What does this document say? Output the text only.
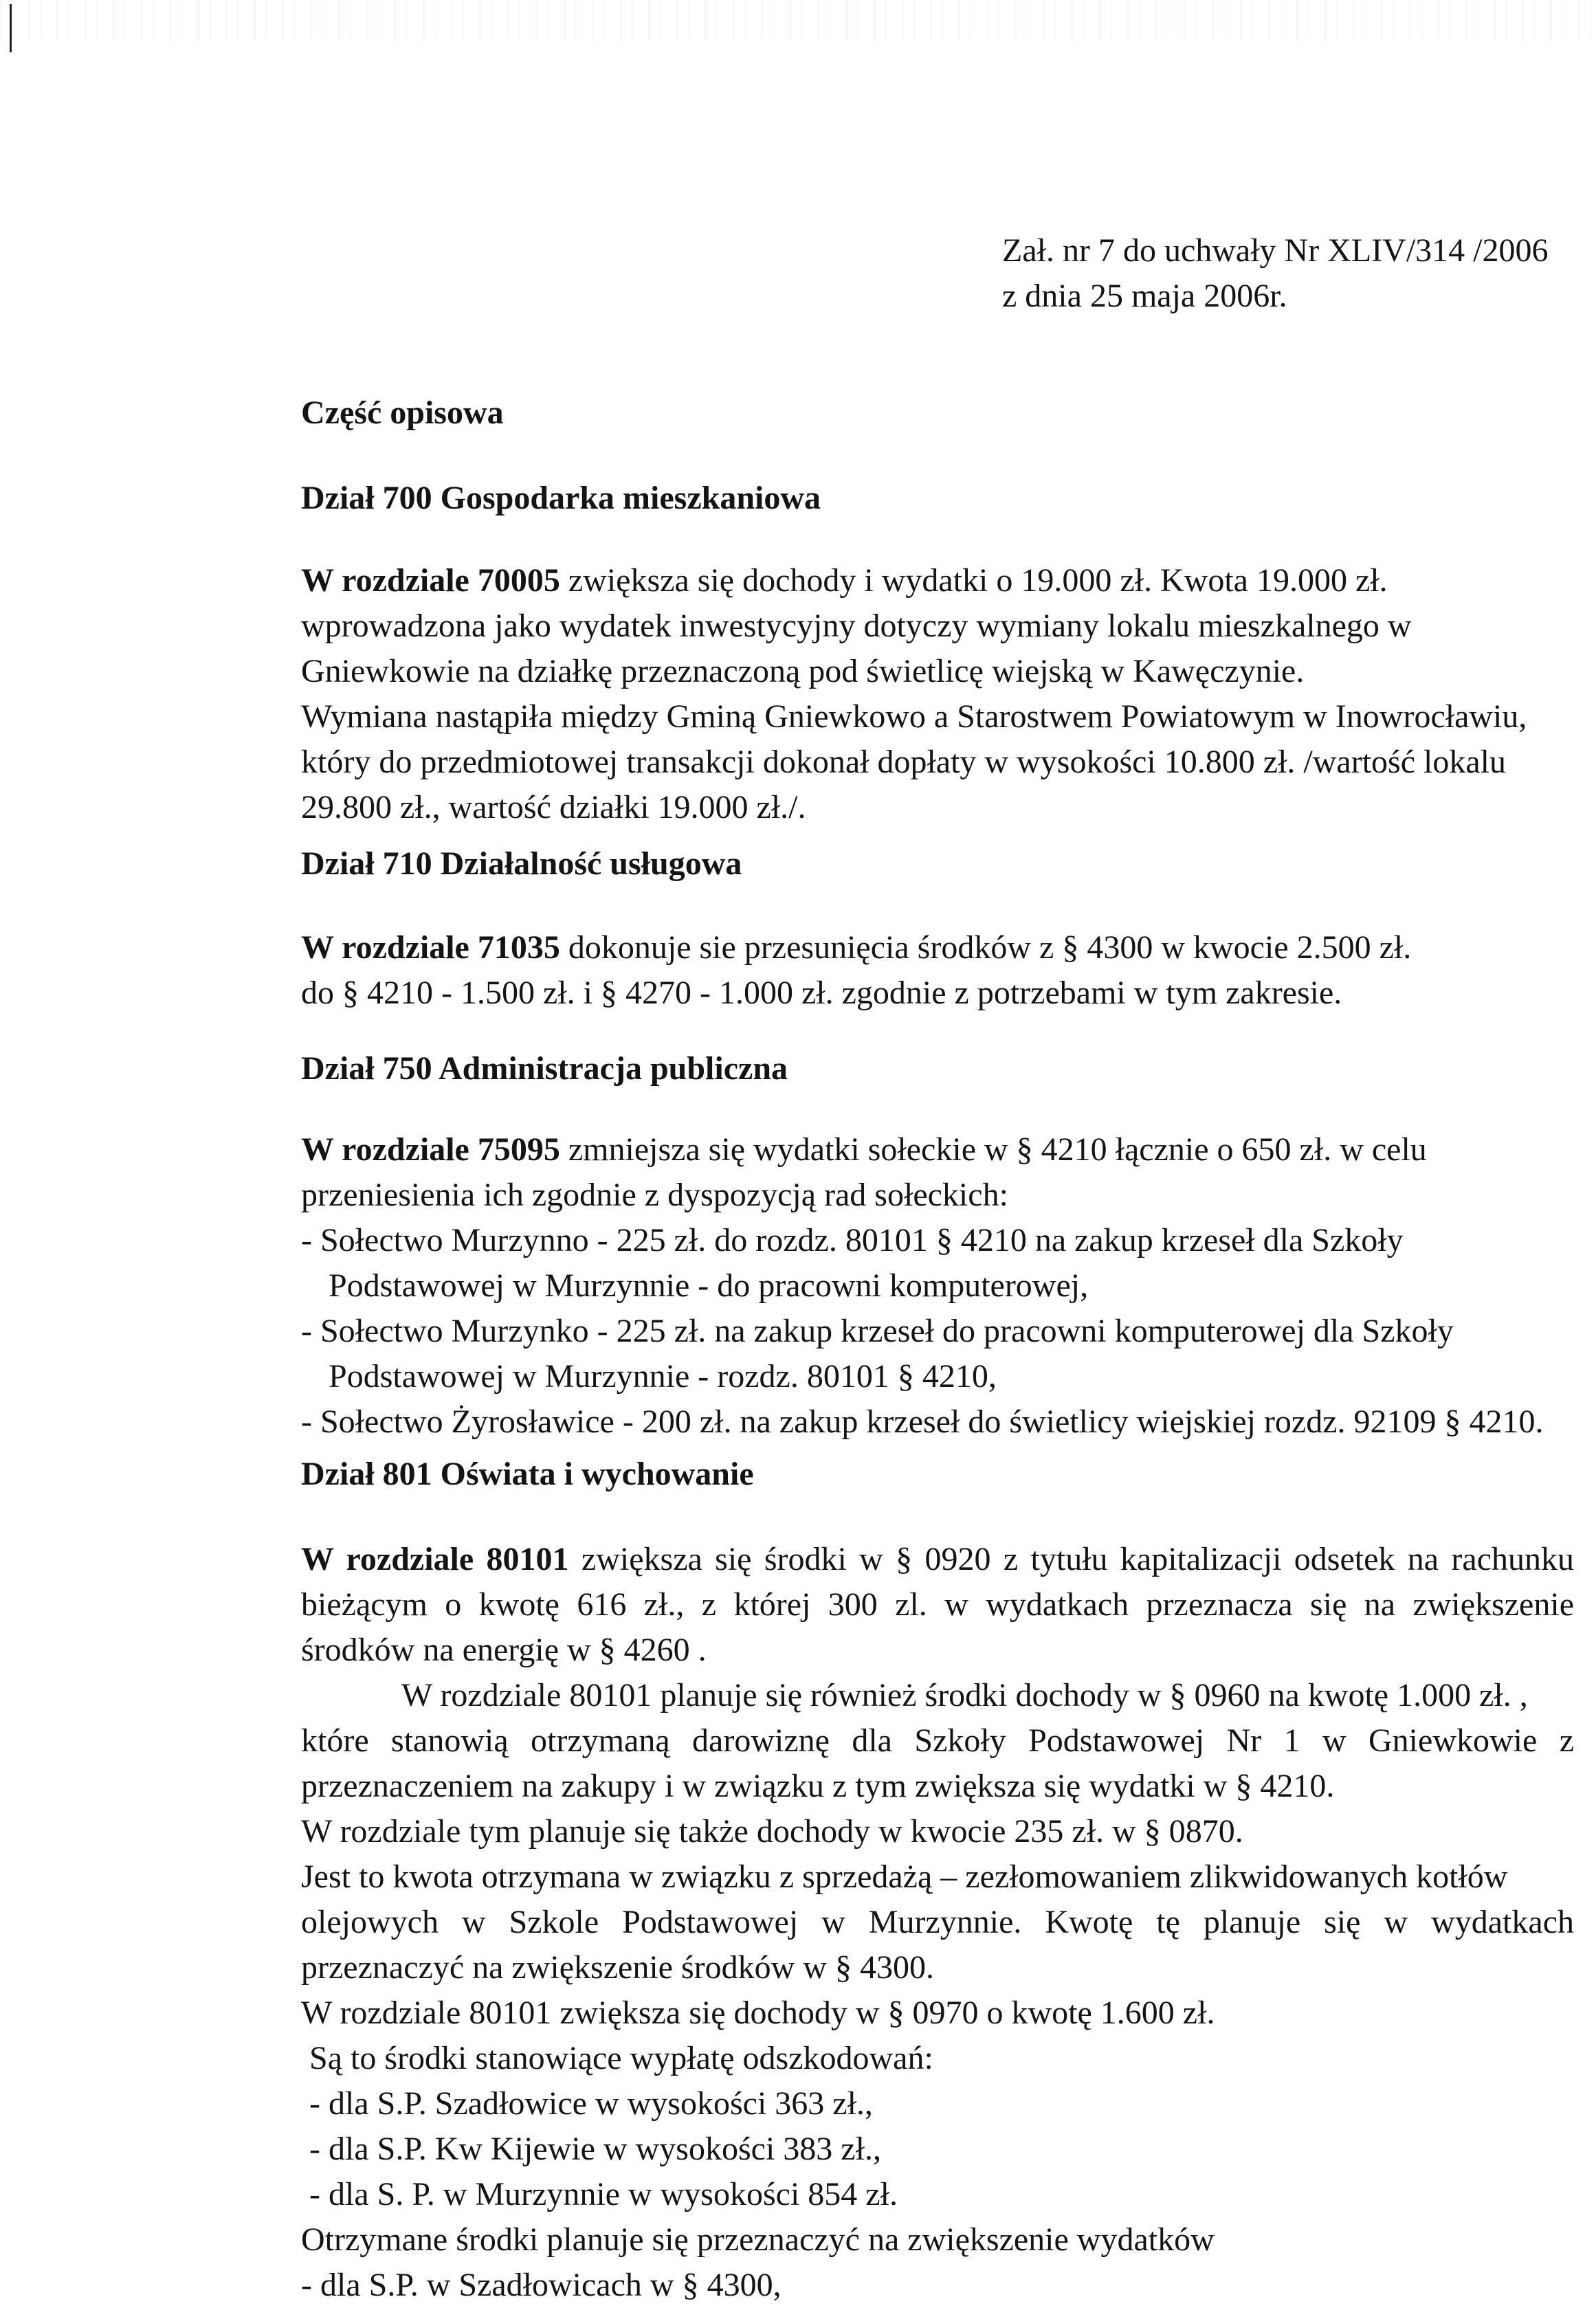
Zał. nr 7 do uchwały Nr XLIV/314 /2006
z dnia 25 maja 2006r.
Część opisowa
Dział 700 Gospodarka mieszkaniowa
W rozdziale 70005 zwiększa się dochody i wydatki o 19.000 zł. Kwota 19.000 zł.
wprowadzona jako wydatek inwestycyjny dotyczy wymiany lokalu mieszkalnego w
Gniewkowie na działkę przeznaczoną pod świetlicę wiejską w Kawęczynie.
Wymiana nastąpiła między Gminą Gniewkowo a Starostwem Powiatowym w Inowrocławiu,
który do przedmiotowej transakcji dokonał dopłaty w wysokości 10.800 zł. /wartość lokalu
29.800 zł., wartość działki 19.000 zł./.
Dział 710 Działalność usługowa
W rozdziale 71035 dokonuje sie przesunięcia środków z § 4300 w kwocie 2.500 zł.
do § 4210 - 1.500 zł. i § 4270 - 1.000 zł. zgodnie z potrzebami w tym zakresie.
Dział 750 Administracja publiczna
W rozdziale 75095 zmniejsza się wydatki sołeckie w § 4210 łącznie o 650 zł. w celu
przeniesienia ich zgodnie z dyspozycją rad sołeckich:
- Sołectwo Murzynno - 225 zł. do rozdz. 80101 § 4210 na zakup krzeseł dla Szkoły
Podstawowej w Murzynnie - do pracowni komputerowej,
- Sołectwo Murzynko - 225 zł. na zakup krzeseł do pracowni komputerowej dla Szkoły
Podstawowej w Murzynnie - rozdz. 80101 § 4210,
- Sołectwo Żyrosławice - 200 zł. na zakup krzeseł do świetlicy wiejskiej rozdz. 92109 § 4210.
Dział 801 Oświata i wychowanie
W rozdziale 80101 zwiększa się środki w § 0920 z tytułu kapitalizacji odsetek na rachunku
bieżącym o kwotę 616 zł., z której 300 zl. w wydatkach przeznacza się na zwiększenie
środków na energię w § 4260 .
W rozdziale 80101 planuje się również środki dochody w § 0960 na kwotę 1.000 zł. ,
które stanowią otrzymaną darowiznę dla Szkoły Podstawowej Nr 1 w Gniewkowie z
przeznaczeniem na zakupy i w związku z tym zwiększa się wydatki w § 4210.
W rozdziale tym planuje się także dochody w kwocie 235 zł. w § 0870.
Jest to kwota otrzymana w związku z sprzedażą – zezłomowaniem zlikwidowanych kotłów
olejowych w Szkole Podstawowej w Murzynnie. Kwotę tę planuje się w wydatkach
przeznaczyć na zwiększenie środków w § 4300.
W rozdziale 80101 zwiększa się dochody w § 0970 o kwotę 1.600 zł.
Są to środki stanowiące wypłatę odszkodowań:
- dla S.P. Szadłowice w wysokości 363 zł.,
- dla S.P. Kw Kijewie w wysokości 383 zł.,
- dla S. P. w Murzynnie w wysokości 854 zł.
Otrzymane środki planuje się przeznaczyć na zwiększenie wydatków
- dla S.P. w Szadłowicach w § 4300,
